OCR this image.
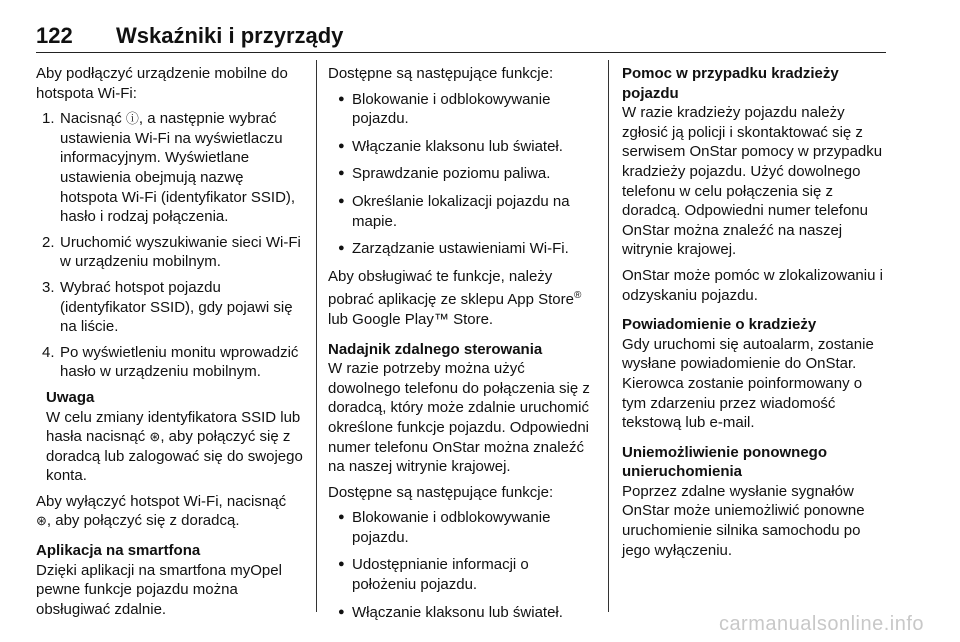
122 Wskaźniki i przyrządy

Aby podłączyć urządzenie mobilne do hotspota Wi-Fi:

1. Nacisnąć ⓘ, a następnie wybrać ustawienia Wi-Fi na wyświetlaczu informacyjnym. Wyświetlane ustawienia obejmują nazwę hotspota Wi-Fi (identyfikator SSID), hasło i rodzaj połączenia.
2. Uruchomić wyszukiwanie sieci Wi-Fi w urządzeniu mobilnym.
3. Wybrać hotspot pojazdu (identyfikator SSID), gdy pojawi się na liście.
4. Po wyświetleniu monitu wprowadzić hasło w urządzeniu mobilnym.
Uwaga
W celu zmiany identyfikatora SSID lub hasła nacisnąć ⊛, aby połączyć się z doradcą lub zalogować się do swojego konta.

Aby wyłączyć hotspot Wi-Fi, nacisnąć ⊛, aby połączyć się z doradcą.

Aplikacja na smartfona

Dzięki aplikacji na smartfona myOpel pewne funkcje pojazdu można obsługiwać zdalnie.

Dostępne są następujące funkcje:

● Blokowanie i odblokowywanie pojazdu.
● Włączanie klaksonu lub świateł.
● Sprawdzanie poziomu paliwa.
● Określanie lokalizacji pojazdu na mapie.
● Zarządzanie ustawieniami Wi-Fi.

Aby obsługiwać te funkcje, należy pobrać aplikację ze sklepu App Store® lub Google Play™ Store.

Nadajnik zdalnego sterowania

W razie potrzeby można użyć dowolnego telefonu do połączenia się z doradcą, który może zdalnie uruchomić określone funkcje pojazdu. Odpowiedni numer telefonu OnStar można znaleźć na naszej witrynie krajowej.

Dostępne są następujące funkcje:

● Blokowanie i odblokowywanie pojazdu.
● Udostępnianie informacji o położeniu pojazdu.
● Włączanie klaksonu lub świateł.
Pomoc w przypadku kradzieży pojazdu

W razie kradzieży pojazdu należy zgłosić ją policji i skontaktować się z serwisem OnStar pomocy w przypadku kradzieży pojazdu. Użyć dowolnego telefonu w celu połączenia się z doradcą. Odpowiedni numer telefonu OnStar można znaleźć na naszej witrynie krajowej.

OnStar może pomóc w zlokalizowaniu i odzyskaniu pojazdu.

Powiadomienie o kradzieży

Gdy uruchomi się autoalarm, zostanie wysłane powiadomienie do OnStar. Kierowca zostanie poinformowany o tym zdarzeniu przez wiadomość tekstową lub e-mail.

Uniemożliwienie ponownego unieruchomienia

Poprzez zdalne wysłanie sygnałów OnStar może uniemożliwić ponowne uruchomienie silnika samochodu po jego wyłączeniu.

carmanualsonline.info
